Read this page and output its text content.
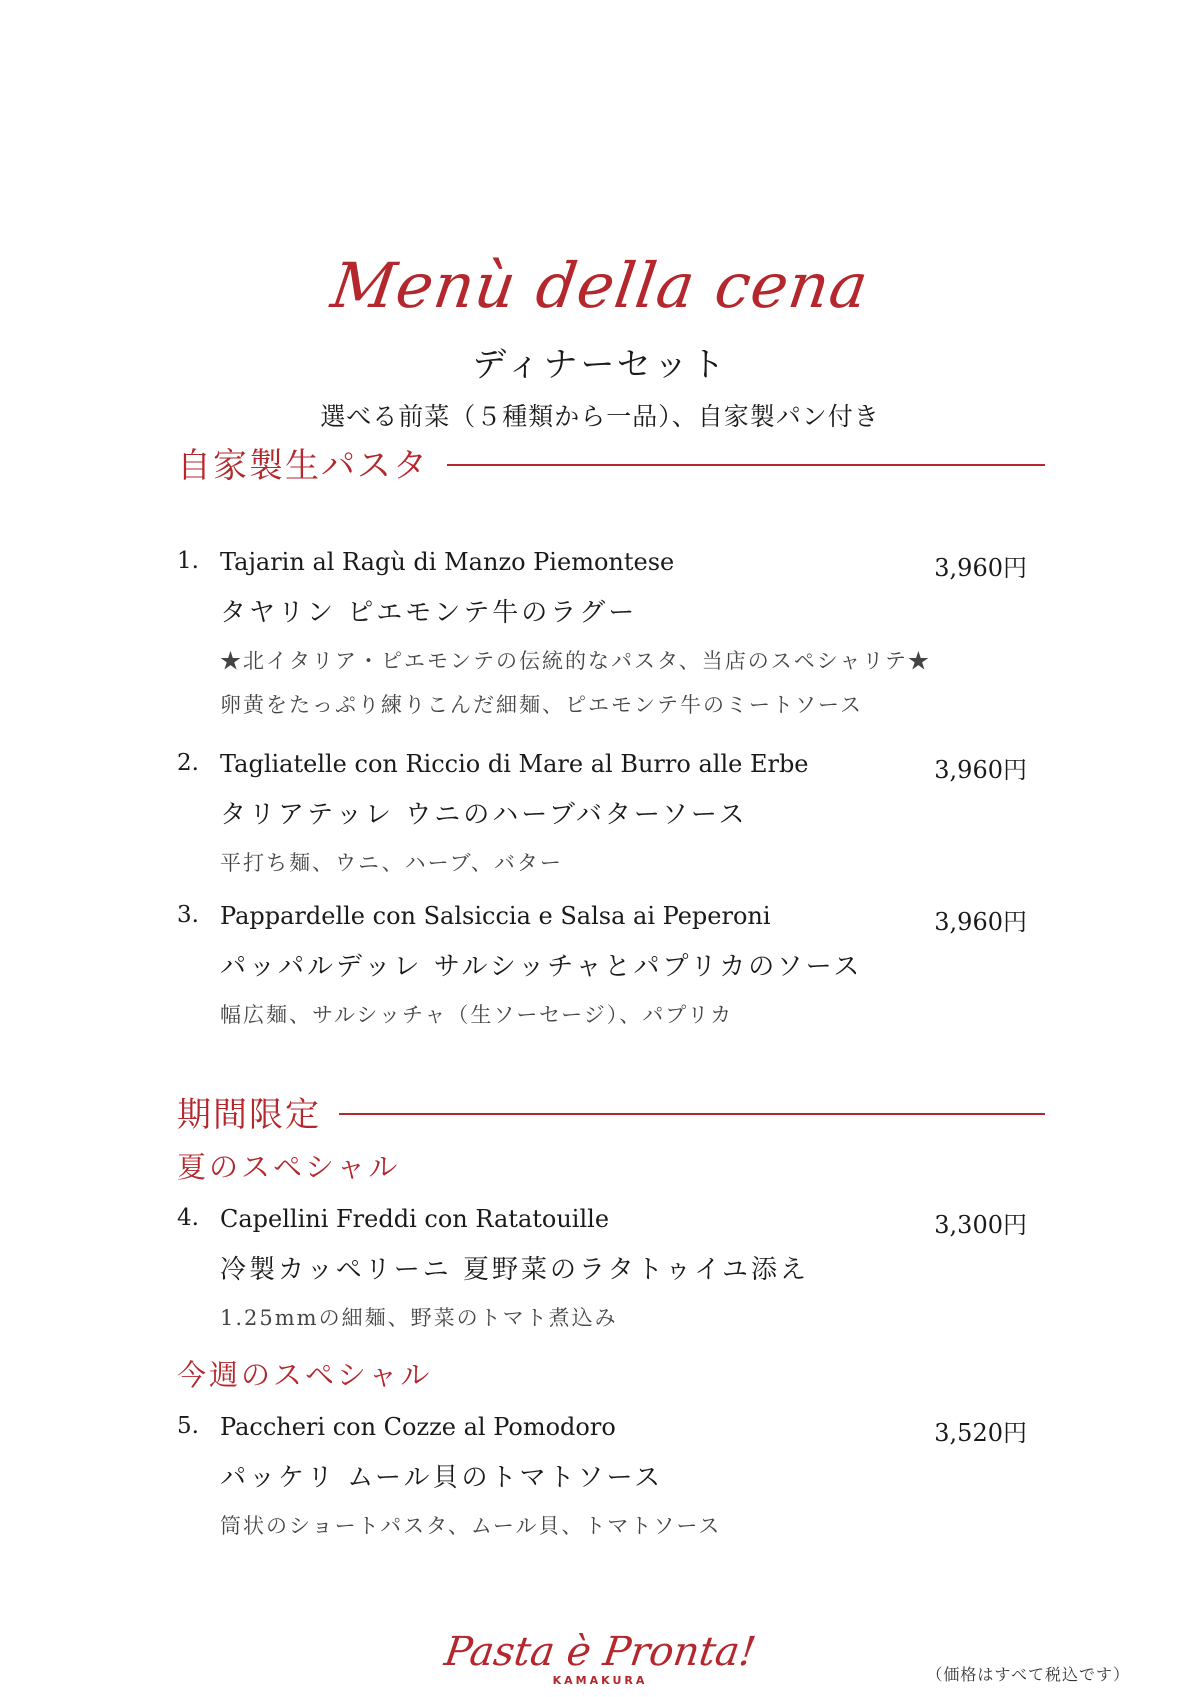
Menù della cena
ディナーセット
選べる前菜（５種類から一品）、自家製パン付き
自家製生パスタ
1. Tajarin al Ragù di Manzo Piemontese	3,960円
タヤリン ピエモンテ牛のラグー
★北イタリア・ピエモンテの伝統的なパスタ、当店のスペシャリテ★
卵黄をたっぷり練りこんだ細麺、ピエモンテ牛のミートソース
2. Tagliatelle con Riccio di Mare al Burro alle Erbe	3,960円
タリアテッレ ウニのハーブバターソース
平打ち麺、ウニ、ハーブ、バター
3. Pappardelle con Salsiccia e Salsa ai Peperoni	3,960円
パッパルデッレ サルシッチャとパプリカのソース
幅広麺、サルシッチャ（生ソーセージ）、パプリカ
期間限定
夏のスペシャル
4. Capellini Freddi con Ratatouille	3,300円
冷製カッペリーニ 夏野菜のラタトゥイユ添え
1.25mmの細麺、野菜のトマト煮込み
今週のスペシャル
5. Paccheri con Cozze al Pomodoro	3,520円
パッケリ ムール貝のトマトソース
筒状のショートパスタ、ムール貝、トマトソース
Pasta è Pronta!
KAMAKURA	（価格はすべて税込です）
